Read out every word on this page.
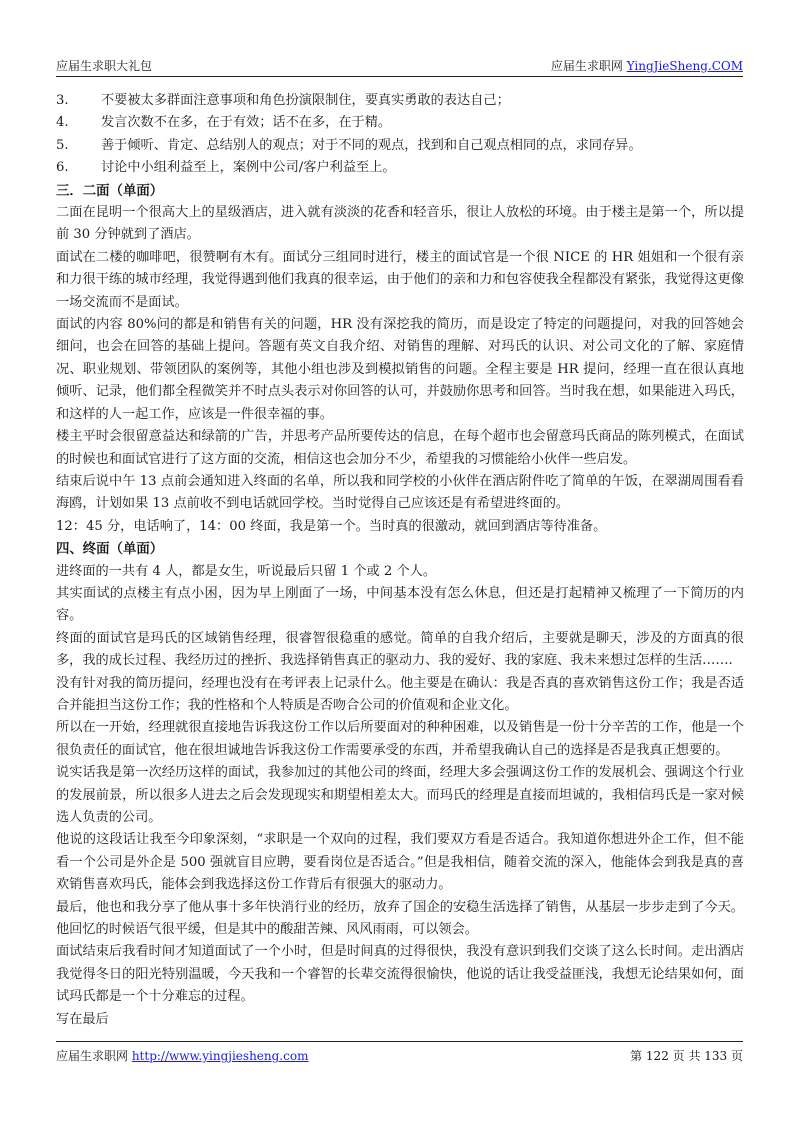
应届生求职大礼包	应届生求职网 YingJieSheng.COM
3.	不要被太多群面注意事项和角色扮演限制住，要真实勇敢的表达自己；
4.	发言次数不在多，在于有效；话不在多，在于精。
5.	善于倾听、肯定、总结别人的观点；对于不同的观点，找到和自己观点相同的点，求同存异。
6.	讨论中小组利益至上，案例中公司/客户利益至上。
三．二面（单面）

二面在昆明一个很高大上的星级酒店，进入就有淡淡的花香和轻音乐，很让人放松的环境。由于楼主是第一个，所以提前 30 分钟就到了酒店。

面试在二楼的咖啡吧，很赞啊有木有。面试分三组同时进行，楼主的面试官是一个很 NICE 的 HR 姐姐和一个很有亲和力很干练的城市经理，我觉得遇到他们我真的很幸运，由于他们的亲和力和包容使我全程都没有紧张，我觉得这更像一场交流而不是面试。

面试的内容 80%问的都是和销售有关的问题，HR 没有深挖我的简历，而是设定了特定的问题提问，对我的回答她会细问，也会在回答的基础上提问。答题有英文自我介绍、对销售的理解、对玛氏的认识、对公司文化的了解、家庭情况、职业规划、带领团队的案例等，其他小组也涉及到模拟销售的问题。全程主要是 HR 提问，经理一直在很认真地倾听、记录，他们都全程微笑并不时点头表示对你回答的认可，并鼓励你思考和回答。当时我在想，如果能进入玛氏，和这样的人一起工作，应该是一件很幸福的事。

楼主平时会很留意益达和绿箭的广告，并思考产品所要传达的信息，在每个超市也会留意玛氏商品的陈列模式，在面试的时候也和面试官进行了这方面的交流，相信这也会加分不少，希望我的习惯能给小伙伴一些启发。

结束后说中午 13 点前会通知进入终面的名单，所以我和同学校的小伙伴在酒店附件吃了简单的午饭，在翠湖周围看看海鸥，计划如果 13 点前收不到电话就回学校。当时觉得自己应该还是有希望进终面的。

12：45 分，电话响了，14：00 终面，我是第一个。当时真的很激动，就回到酒店等待准备。

四、终面（单面）

进终面的一共有 4 人，都是女生，听说最后只留 1 个或 2 个人。

其实面试的点楼主有点小困，因为早上刚面了一场，中间基本没有怎么休息，但还是打起精神又梳理了一下简历的内容。

终面的面试官是玛氏的区域销售经理，很睿智很稳重的感觉。简单的自我介绍后，主要就是聊天，涉及的方面真的很多，我的成长过程、我经历过的挫折、我选择销售真正的驱动力、我的爱好、我的家庭、我未来想过怎样的生活…….

没有针对我的简历提问，经理也没有在考评表上记录什么。他主要是在确认：我是否真的喜欢销售这份工作；我是否适合并能担当这份工作；我的性格和个人特质是否吻合公司的价值观和企业文化。

所以在一开始，经理就很直接地告诉我这份工作以后所要面对的种种困难，以及销售是一份十分辛苦的工作，他是一个很负责任的面试官，他在很坦诚地告诉我这份工作需要承受的东西，并希望我确认自己的选择是否是我真正想要的。

说实话我是第一次经历这样的面试，我参加过的其他公司的终面，经理大多会强调这份工作的发展机会、强调这个行业的发展前景，所以很多人进去之后会发现现实和期望相差太大。而玛氏的经理是直接而坦诚的，我相信玛氏是一家对候选人负责的公司。

他说的这段话让我至今印象深刻，“求职是一个双向的过程，我们要双方看是否适合。我知道你想进外企工作，但不能看一个公司是外企是 500 强就盲目应聘，要看岗位是否适合。”但是我相信，随着交流的深入，他能体会到我是真的喜欢销售喜欢玛氏，能体会到我选择这份工作背后有很强大的驱动力。

最后，他也和我分享了他从事十多年快消行业的经历，放弃了国企的安稳生活选择了销售，从基层一步步走到了今天。他回忆的时候语气很平缓，但是其中的酸甜苦辣、风风雨雨，可以领会。

面试结束后我看时间才知道面试了一个小时，但是时间真的过得很快，我没有意识到我们交谈了这么长时间。走出酒店我觉得冬日的阳光特别温暖，今天我和一个睿智的长辈交流得很愉快，他说的话让我受益匪浅，我想无论结果如何，面试玛氏都是一个十分难忘的过程。

写在最后

应届生求职网 http://www.yingjiesheng.com	第 122 页 共 133 页
